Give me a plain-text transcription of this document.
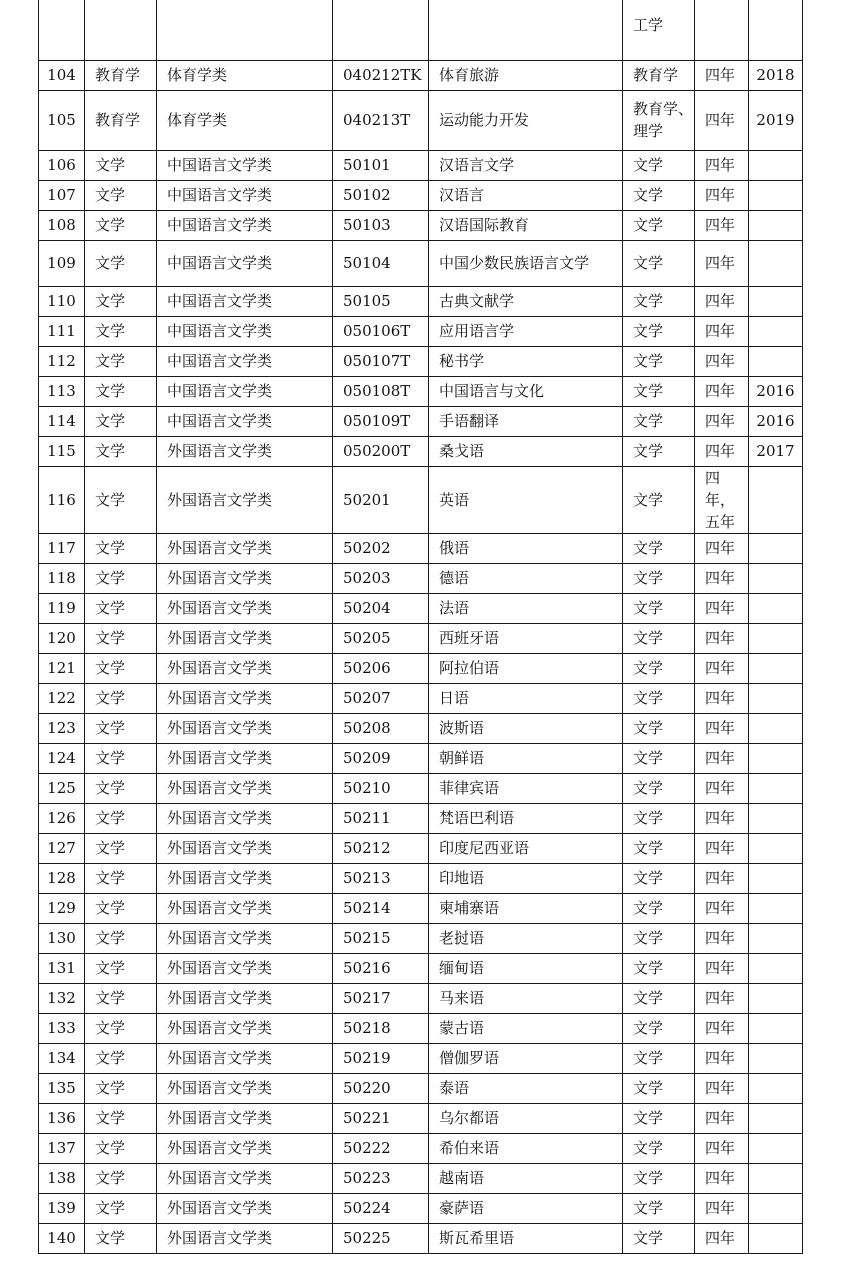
					工学		
104	教育学	体育学类	040212TK	体育旅游	教育学	四年	2018
105	教育学	体育学类	040213T	运动能力开发	教育学、理学	四年	2019
106	文学	中国语言文学类	50101	汉语言文学	文学	四年	
107	文学	中国语言文学类	50102	汉语言	文学	四年	
108	文学	中国语言文学类	50103	汉语国际教育	文学	四年	
109	文学	中国语言文学类	50104	中国少数民族语言文学	文学	四年	
110	文学	中国语言文学类	50105	古典文献学	文学	四年	
111	文学	中国语言文学类	050106T	应用语言学	文学	四年	
112	文学	中国语言文学类	050107T	秘书学	文学	四年	
113	文学	中国语言文学类	050108T	中国语言与文化	文学	四年	2016
114	文学	中国语言文学类	050109T	手语翻译	文学	四年	2016
115	文学	外国语言文学类	050200T	桑戈语	文学	四年	2017
116	文学	外国语言文学类	50201	英语	文学	四年，五年	
117	文学	外国语言文学类	50202	俄语	文学	四年	
118	文学	外国语言文学类	50203	德语	文学	四年	
119	文学	外国语言文学类	50204	法语	文学	四年	
120	文学	外国语言文学类	50205	西班牙语	文学	四年	
121	文学	外国语言文学类	50206	阿拉伯语	文学	四年	
122	文学	外国语言文学类	50207	日语	文学	四年	
123	文学	外国语言文学类	50208	波斯语	文学	四年	
124	文学	外国语言文学类	50209	朝鲜语	文学	四年	
125	文学	外国语言文学类	50210	菲律宾语	文学	四年	
126	文学	外国语言文学类	50211	梵语巴利语	文学	四年	
127	文学	外国语言文学类	50212	印度尼西亚语	文学	四年	
128	文学	外国语言文学类	50213	印地语	文学	四年	
129	文学	外国语言文学类	50214	柬埔寨语	文学	四年	
130	文学	外国语言文学类	50215	老挝语	文学	四年	
131	文学	外国语言文学类	50216	缅甸语	文学	四年	
132	文学	外国语言文学类	50217	马来语	文学	四年	
133	文学	外国语言文学类	50218	蒙古语	文学	四年	
134	文学	外国语言文学类	50219	僧伽罗语	文学	四年	
135	文学	外国语言文学类	50220	泰语	文学	四年	
136	文学	外国语言文学类	50221	乌尔都语	文学	四年	
137	文学	外国语言文学类	50222	希伯来语	文学	四年	
138	文学	外国语言文学类	50223	越南语	文学	四年	
139	文学	外国语言文学类	50224	豪萨语	文学	四年	
140	文学	外国语言文学类	50225	斯瓦希里语	文学	四年	
